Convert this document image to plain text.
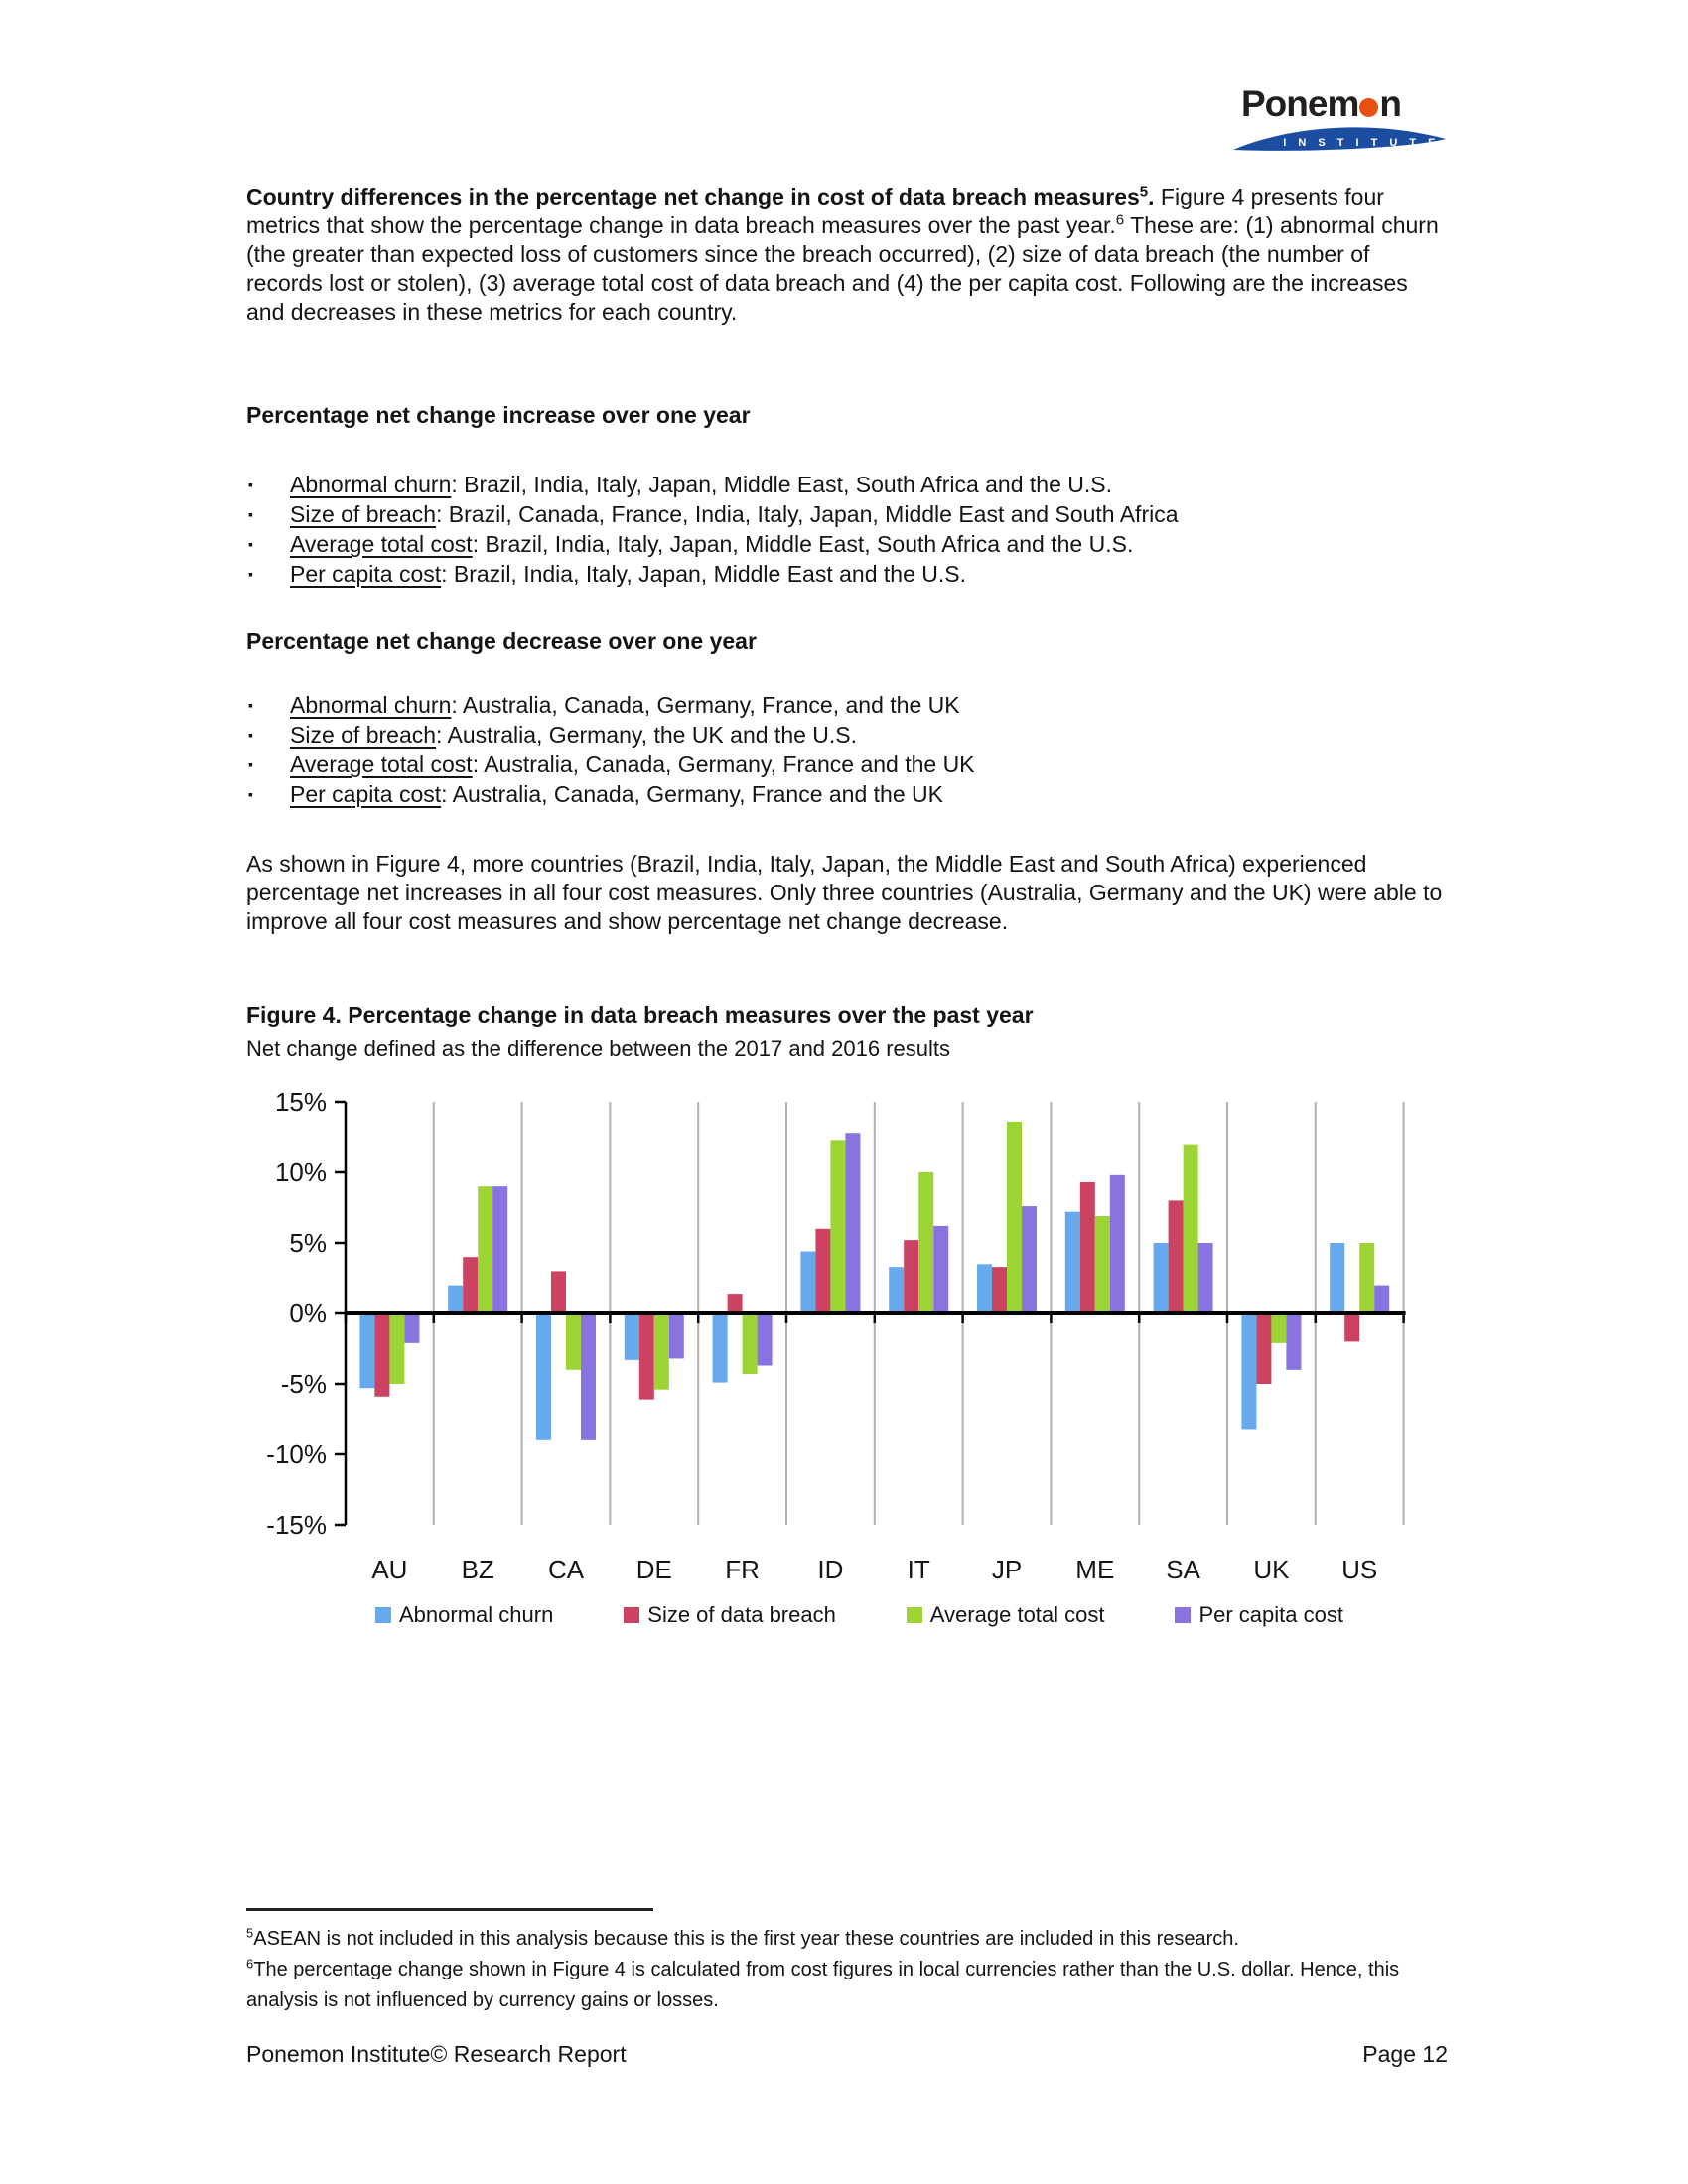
Ponem n
I N S T I T U T E

Country differences in the percentage net change in cost of data breach measures$^5$. Figure 4 presents four metrics that show the percentage change in data breach measures over the past year.$^6$ These are: (1) abnormal churn (the greater than expected loss of customers since the breach occurred), (2) size of data breach (the number of records lost or stolen), (3) average total cost of data breach and (4) the per capita cost. Following are the increases and decreases in these metrics for each country.

Percentage net change increase over one year
▪ Abnormal churn: Brazil, India, Italy, Japan, Middle East, South Africa and the U.S.
▪ Size of breach: Brazil, Canada, France, India, Italy, Japan, Middle East and South Africa
▪ Average total cost: Brazil, India, Italy, Japan, Middle East, South Africa and the U.S.
▪ Per capita cost: Brazil, India, Italy, Japan, Middle East and the U.S.
Percentage net change decrease over one year
▪ Abnormal churn: Australia, Canada, Germany, France, and the UK
▪ Size of breach: Australia, Germany, the UK and the U.S.
▪ Average total cost: Australia, Canada, Germany, France and the UK
▪ Per capita cost: Australia, Canada, Germany, France and the UK

As shown in Figure 4, more countries (Brazil, India, Italy, Japan, the Middle East and South Africa) experienced percentage net increases in all four cost measures. Only three countries (Australia, Germany and the UK) were able to improve all four cost measures and show percentage net change decrease.

Figure 4. Percentage change in data breach measures over the past year
Net change defined as the difference between the 2017 and 2016 results
15%
10%
5%
0%
-5%
-10%
-15%
AU BZ CA DE FR ID IT JP ME SA UK US
Abnormal churn	Size of data breach	Average total cost	Per capita cost
$^5$ASEAN is not included in this analysis because this is the first year these countries are included in this research.
$^6$The percentage change shown in Figure 4 is calculated from cost figures in local currencies rather than the U.S. dollar. Hence, this analysis is not influenced by currency gains or losses.
Ponemon Institute© Research Report	Page 12
